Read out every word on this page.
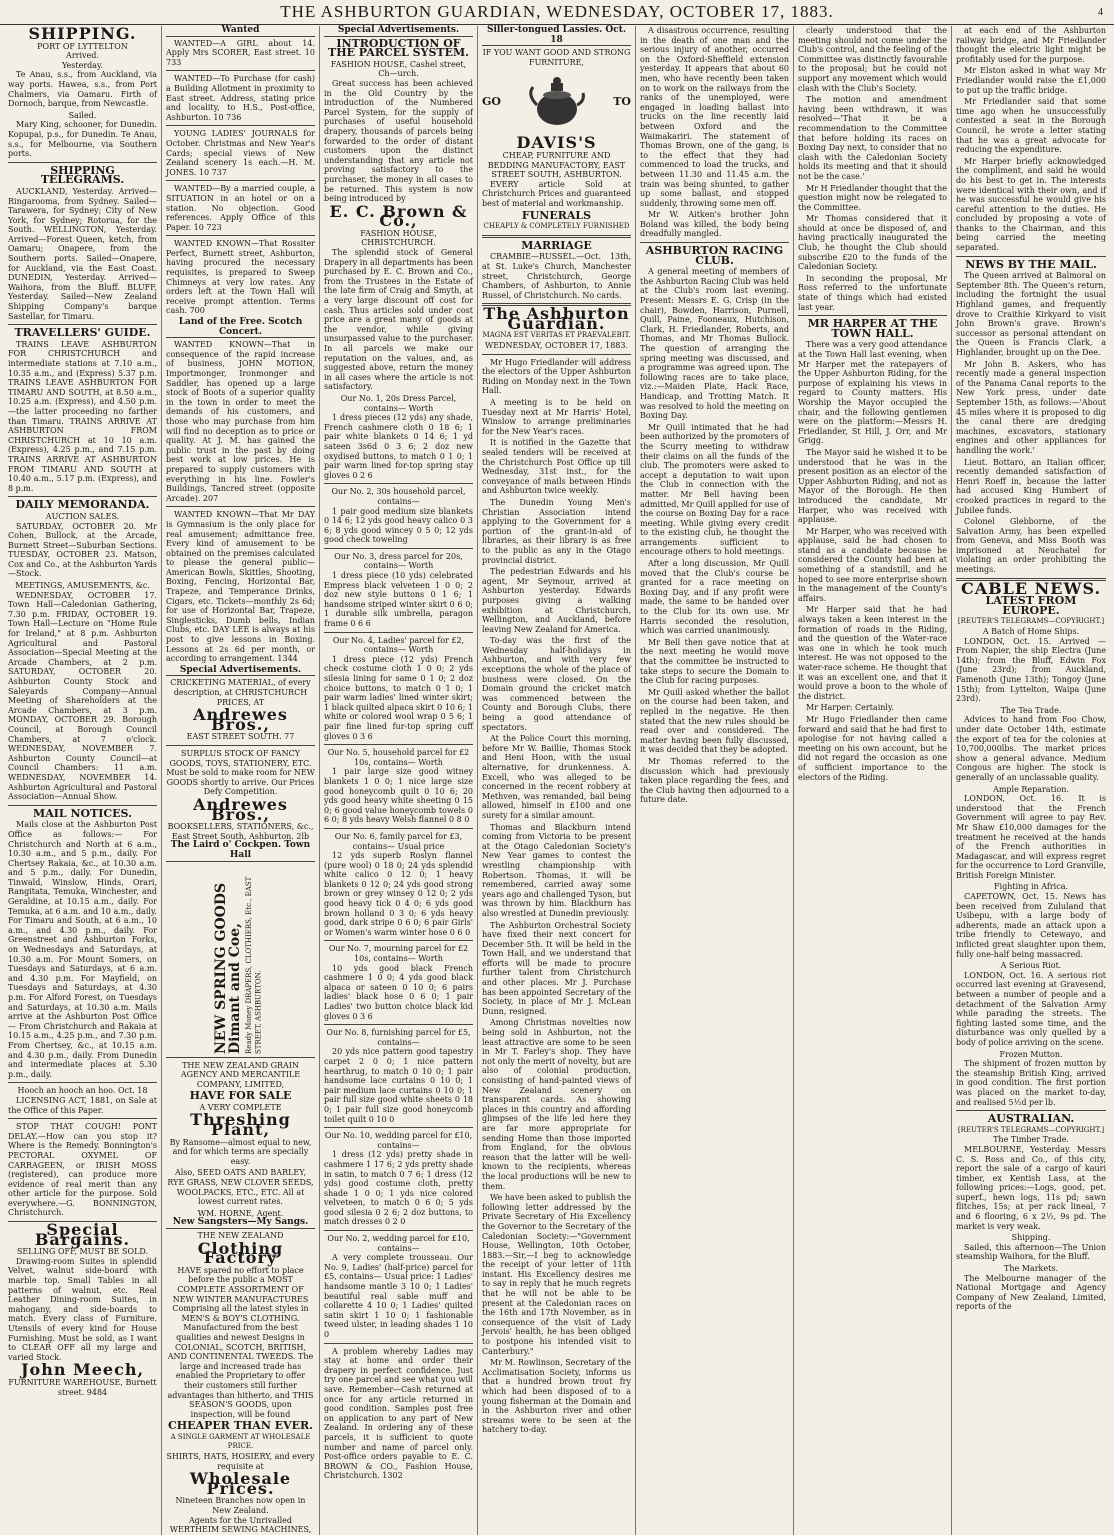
THE ASHBURTON GUARDIAN, WEDNESDAY, OCTOBER 17, 1883.	4
SHIPPING.
PORT OF LYTTELTON
Arrived.
Yesterday.

Te Anau, s.s., from Auckland, via way ports. Hawea, s.s., from Port Chalmers, via Oamaru. Firth of Dornoch, barque, from Newcastle.

Sailed.

Mary King, schooner, for Dunedin. Kopupai, p.s., for Dunedin. Te Anau, s.s., for Melbourne, via Southern ports.

SHIPPING TELEGRAMS.

AUCKLAND, Yesterday. Arrived—Ringarooma, from Sydney. Sailed—Tarawera, for Sydney; City of New York, for Sydney; Rotorua, for the South. WELLINGTON, Yesterday. Arrived—Forest Queen, ketch, from Oamaru; Onapere, from the Southern ports. Sailed—Onapere, for Auckland, via the East Coast. DUNEDIN, Yesterday. Arrived—Waihora, from the Bluff. BLUFF, Yesterday. Sailed—New Zealand Shipping Company's barque Sastellar, for Timaru.

TRAVELLERS' GUIDE.

TRAINS LEAVE ASHBURTON FOR CHRISTCHURCH and intermediate stations at 7.10 a.m., 10.35 a.m., and (Express) 5.37 p.m. TRAINS LEAVE ASHBURTON FOR TIMARU AND SOUTH, at 8.50 a.m., 10.25 a.m. (Express), and 4.50 p.m.—the latter proceeding no farther than Timaru. TRAINS ARRIVE AT ASHBURTON FROM CHRISTCHURCH at 10 10 a.m. (Express), 4.25 p.m., and 7.15 p.m. TRAINS ARRIVE AT ASHBURTON FROM TIMARU AND SOUTH at 10.40 a.m., 5.17 p.m. (Express), and 8 p.m.

DAILY MEMORANDA.
AUCTION SALES.

SATURDAY, OCTOBER 20. Mr Cohen, Bullock, at the Arcade, Burnett Street—Suburban Sections. TUESDAY, OCTOBER 23. Matson, Cox and Co., at the Ashburton Yards—Stock.

MEETINGS, AMUSEMENTS, &c.

WEDNESDAY, OCTOBER 17. Town Hall—Caledonian Gathering, 7.30 p.m. FRIDAY, OCTOBER 19. Town Hall—Lecture on "Home Rule for Ireland," at 8 p.m. Ashburton Agricultural and Pastoral Association—Special Meeting at the Arcade Chambers, at 2 p.m. SATURDAY, OCTOBER 20. Ashburton County Stock and Saleyards Company—Annual Meeting of Shareholders at the Arcade Chambers, at 3 p.m. MONDAY, OCTOBER 29. Borough Council, at Borough Council Chambers, at 7 o'clock. WEDNESDAY, NOVEMBER 7. Ashburton County Council—at Council Chambers: 11 a.m. WEDNESDAY, NOVEMBER 14. Ashburton Agricultural and Pastoral Association—Annual Show.

MAIL NOTICES.

Mails close at the Ashburton Post Office as follows:— For Christchurch and North at 6 a.m., 10.30 a.m., and 5 p.m., daily. For Chertsey Rakaia, &c., at 10.30 a.m. and 5 p.m., daily. For Dunedin, Tinwald, Winslow, Hinds, Orari, Rangitata, Temuka, Winchester, and Geraldine, at 10.15 a.m., daily. For Temuka, at 6 a.m. and 10 a.m., daily. For Timaru and South, at 6 a.m., 10 a.m., and 4.30 p.m., daily. For Greenstreet and Ashburton Forks, on Wednesdays and Saturdays, at 10.30 a.m. For Mount Somers, on Tuesdays and Saturdays, at 6 a.m. and 4.30 p.m. For Mayfield, on Tuesdays and Saturdays, at 4.30 p.m. For Alford Forest, on Tuesdays and Saturdays, at 10.30 a.m. Mails arrive at the Ashburton Post Office— From Christchurch and Rakaia at 10.15 a.m., 4.25 p.m., and 7.30 p.m. From Chertsey, &c., at 10.15 a.m. and 4.30 p.m., daily. From Dunedin and intermediate places at 5.30 p.m., daily.

Hooch an hooch an hoo. Oct. 18

LICENSING ACT, 1881, on Sale at the Office of this Paper.

STOP THAT COUGH! PONT DELAY.—How can you stop it? Where is the Remedy. Bonnington's PECTORAL OXYMEL OF CARRAGEEN, or IRISH MOSS (registered), can produce more evidence of real merit than any other article for the purpose. Sold everywhere.—G. BONNINGTON, Christchurch.

Special Bargains.
SELLING OFF, MUST BE SOLD.

Drawing-room Suites in splendid Velvet, walnut side-board with marble top. Small Tables in all patterns of walnut, etc. Real Leather Dining-room Suites, in mahogany, and side-boards to match. Every class of Furniture. Utensils of every kind for House Furnishing. Must be sold, as I want to CLEAR OFF all my large and varied Stock.

John Meech,
FURNITURE WAREHOUSE, Burnett street. 9484
Wanted

WANTED—A GIRL about 14. Apply Mrs SCORER, East street. 10 733

WANTED—To Purchase (for cash) a Building Allotment in proximity to East street. Address, stating price and locality, to H.S., Post-office, Ashburton. 10 736

YOUNG LADIES' JOURNALS for October. Christmas and New Year's Cards; special views of New Zealand scenery 1s each.—H. M. JONES. 10 737

WANTED—By a married couple, a SITUATION in an hotel or on a station. No objection. Good references. Apply Office of this Paper. 10 723

WANTED KNOWN—That Rossiter Perfect, Burnett street, Ashburton, having procured the necessary requisites, is prepared to Sweep Chimneys at very low rates. Any orders left at the Town Hall will receive prompt attention. Terms cash. 700

Land of the Free. Scotch Concert.

WANTED KNOWN—That in consequence of the rapid increase of business, JOHN MOTION, Importmonger, Ironmonger and Saddler, has opened up a large stock of Boots of a superior quality in the town in order to meet the demands of his customers, and those who may purchase from him will find no deception as to price or quality. At J. M. has gained the public trust in the past by doing best work at low prices. He is prepared to supply customers with everything in his line. Fowler's Buildings, Tancred street (opposite Arcade). 207

WANTED KNOWN—That Mr DAY is Gymnasium is the only place for real amusement; admittance free. Every kind of amusement to be obtained on the premises calculated to please the general public—American Bowls, Skittles, Shooting, Boxing, Fencing, Horizontal Bar, Trapeze, and Temperance Drinks, Cigars, etc. Tickets—monthly 2s 6d; for use of Horizontal Bar, Trapeze, Singlesticks, Dumb bells, Indian Clubs, etc. DAY LEE is always at his post to give lessons in Boxing. Lessons at 2s 6d per month, or according to arrangement. 1344

Special Advertisements.

CRICKETING MATERIAL, of every description, at CHRISTCHURCH PRICES, AT

Andrewes Bros.,
EAST STREET SOUTH. 77

SURPLUS STOCK OF FANCY GOODS, TOYS, STATIONERY, ETC. Must be sold to make room for NEW GOODS shortly to arrive. Our Prices Defy Competition.

Andrewes Bros.,
BOOKSELLERS, STATIONERS, &c., East Street South, Ashburton. 2lb
The Laird o' Cockpen. Town Hall
NEW SPRING GOODS
Dimant and Coe, Ready Money DRAPERS, CLOTHIERS, Etc., EAST STREET, ASHBURTON.
THE NEW ZEALAND GRAIN AGENCY AND MERCANTILE COMPANY, LIMITED,
HAVE FOR SALE
A VERY COMPLETE
Threshing Plant,

By Ransome—almost equal to new, and for which terms are specially easy.

Also, SEED OATS AND BARLEY, RYE GRASS, NEW CLOVER SEEDS, WOOLPACKS, ETC., ETC. All at lowest current rates.

WM. HORNE, Agent.
New Sangsters—My Sangs.
THE NEW ZEALAND
Clothing Factory

HAVE spared no effort to place before the public a MOST COMPLETE ASSORTMENT OF NEW WINTER MANUFACTURES Comprising all the latest styles in MEN'S & BOY'S CLOTHING. Manufactured from the best qualities and newest Designs in COLONIAL, SCOTCH, BRITISH, AND CONTINENTAL TWEEDS. The large and increased trade has enabled the Proprietary to offer their customers still further advantages than hitherto, and THIS SEASON'S GOODS, upon inspection, will be found

CHEAPER THAN EVER.
A SINGLE GARMENT AT WHOLESALE PRICE.
SHIRTS, HATS, HOSIERY, and every requisite at
Wholesale Prices.
Nineteen Branches now open in New Zealand.
Agents for the Unrivalled WERTHEIM SEWING MACHINES,
Special Advertisements.
INTRODUCTION OF THE PARCEL SYSTEM.
FASHION HOUSE, Cashel street, Ch—urch.

Great success has been achieved in the Old Country by the introduction of the Numbered Parcel System, for the supply of purchases of useful household drapery, thousands of parcels being forwarded to the order of distant customers upon the distinct understanding that any article not proving satisfactory to the purchaser, the money in all cases to be returned. This system is now being introduced by

E. C. Brown & Co.,
FASHION HOUSE, CHRISTCHURCH.

The splendid stock of General Drapery in all departments has been purchased by E. C. Brown and Co., from the Trustees in the Estate of the late firm of Craig and Smyth, at a very large discount off cost for cash. Thus articles sold under cost price are a great many of goods at the vendor, while giving unsurpassed value to the purchaser. In all parcels we make our reputation on the values, and, as suggested above, return the money in all cases where the article is not satisfactory.

Our No. 1, 20s Dress Parcel, contains— Worth

1 dress pieces (12 yds) any shade, French cashmere cloth 0 18 6; 1 pair white blankets 0 14 6; 1 yd sateen 3s6d 0 3 6; 2 doz new oxydised buttons, to match 0 1 0; 1 pair warm lined for-top spring stay gloves 0 2 6

Our No. 2, 30s household parcel, contains—

1 pair good medium size blankets 0 14 6; 12 yds good heavy calico 0 3 6; 8 yds good wincey 0 5 0; 12 yds good check toweling

Our No. 3, dress parcel for 20s, contains— Worth

1 dress piece (10 yds) celebrated Empress black velveteen 1 0 0; 2 doz new style buttons 0 1 6; 1 handsome striped winter skirt 0 6 0; 1 durable silk umbrella, paragon frame 0 6 6

Our No. 4, Ladies' parcel for £2, contains— Worth

1 dress piece (12 yds) French check costume cloth 1 0 0; 2 yds silesia lining for same 0 1 0; 2 doz choice buttons, to match 0 1 0; 1 pair warm ladies' lined winter skirt; 1 black quilted alpaca skirt 0 10 6; 1 white or colored wool wrap 0 5 6; 1 pair fine lined fur-top spring cuff gloves 0 3 6

Our No. 5, household parcel for £2 10s, contains— Worth

1 pair large size good witney blankets 1 0 0; 1 nice large size good honeycomb quilt 0 10 6; 20 yds good heavy white sheeting 0 15 0; 6 good value honeycomb towels 0 6 0; 8 yds heavy Welsh flannel 0 8 0

Our No. 6, family parcel for £3, contains— Usual price

12 yds superb Roslyn flannel (pure wool) 0 18 0; 24 yds splendid white calico 0 12 0; 1 heavy blankets 0 12 0; 24 yds good strong brown or grey winsey 0 12 0; 2 yds good heavy tick 0 4 0; 6 yds good brown holland 0 3 0; 6 yds heavy good, dark stripe 0 6 0; 6 pair Girls' or Women's warm winter hose 0 6 0

Our No. 7, mourning parcel for £2 10s, contains— Worth

10 yds good black French cashmere 1 0 0; 4 yds good black alpaca or sateen 0 10 0; 6 pairs ladies' black hose 0 6 0; 1 pair Ladies' two button choice black kid gloves 0 3 6

Our No. 8, furnishing parcel for £5, contains—

20 yds nice pattern good tapestry carpet 2 0 0; 1 nice pattern hearthrug, to match 0 10 0; 1 pair handsome lace curtains 0 10 0; 1 pair medium lace curtains 0 10 0; 1 pair full size good white sheets 0 18 0; 1 pair full size good honeycomb toilet quilt 0 10 0

Our No. 10, wedding parcel for £10, contains—

1 dress (12 yds) pretty shade in cashmere 1 17 6; 2 yds pretty shade in satin, to match 0 7 6; 1 dress (12 yds) good costume cloth, pretty shade 1 0 0; 1 yds nice colored velveteen, to match 0 6 0; 5 yds good silesia 0 2 6; 2 doz buttons, to match dresses 0 2 0

Our No. 2, wedding parcel for £10, contains—

A very complete trousseau. Our No. 9, Ladies' (half-price) parcel for £5, contains— Usual price: 1 Ladies' handsome mantle 3 10 0; 1 Ladies' beautiful real sable muff and collarette 4 10 0; 1 Ladies' quilted satin skirt 1 10 0; 1 fashionable tweed ulster, in leading shades 1 10 0

A problem whereby Ladies may stay at home and order their drapery in perfect confidence. Just try one parcel and see what you will save. Remember—Cash returned at once for any article returned in good condition. Samples post free on application to any part of New Zealand. In ordering any of these parcels, it is sufficient to quote number and name of parcel only. Post-office orders payable to E. C. BROWN & CO., Fashion House, Christchurch. 1302

Siller-tongued Lassies. Oct. 18
IF YOU WANT GOOD AND STRONG FURNITURE,
GO	TO
DAVIS'S
CHEAP, FURNITURE AND BEDDING MANUFACTORY, EAST STREET SOUTH, ASHBURTON.

EVERY article Sold at Christchurch Prices and guaranteed best of material and workmanship.

FUNERALS
CHEAPLY & COMPLETELY FURNISHED
MARRIAGE

CRAMBIE—RUSSEL.—Oct. 13th, at St. Luke's Church, Manchester street, Christchurch, George Chambers, of Ashburton, to Annie Russel, of Christchurch. No cards.

The Ashburton Guardian.
MAGNA EST VERITAS ET PRAEVALEBIT.
WEDNESDAY, OCTOBER 17, 1883.

Mr Hugo Friedlander will address the electors of the Upper Ashburton Riding on Monday next in the Town Hall.

A meeting is to be held on Tuesday next at Mr Harris' Hotel, Winslow to arrange preliminaries for the New Year's races.

It is notified in the Gazette that sealed tenders will be received at the Christchurch Post Office up till Wednesday, 31st inst., for the conveyance of mails between Hinds and Ashburton twice weekly.

The Dunedin Young Men's Christian Association intend applying to the Government for a portion of the grant-in-aid of libraries, as their library is as free to the public as any in the Otago provincial district.

The pedestrian Edwards and his agent, Mr Seymour, arrived at Ashburton yesterday. Edwards purposes giving a walking exhibition at Christchurch, Wellington, and Auckland, before leaving New Zealand for America.

To-day was the first of the Wednesday half-holidays in Ashburton, and with very few exceptions the whole of the place of business were closed. On the Domain ground the cricket match was commenced between the County and Borough Clubs, there being a good attendance of spectators.

At the Police Court this morning, before Mr W. Baillie, Thomas Stock and Heni Hoon, with the usual alternative, for drunkenness. A. Excell, who was alleged to be concerned in the recent robbery at Methven, was remanded, bail being allowed, himself in £100 and one surety for a similar amount.

Thomas and Blackburn intend coming from Victoria to be present at the Otago Caledonian Society's New Year games to contest the wrestling championship with Robertson. Thomas, it will be remembered, carried away some years ago and challenged Tyson, but was thrown by him. Blackburn has also wrestled at Dunedin previously.

The Ashburton Orchestral Society have fixed their next concert for December 5th. It will be held in the Town Hall, and we understand that efforts will be made to procure further talent from Christchurch and other places. Mr J. Purchase has been appointed Secretary of the Society, in place of Mr J. McLean Dunn, resigned.

Among Christmas novelties now being sold in Ashburton, not the least attractive are some to be seen in Mr T. Farley's shop. They have not only the merit of novelty, but are also of colonial production, consisting of hand-painted views of New Zealand scenery on transparent cards. As showing places in this country and affording glimpses of the life led here they are far more appropriate for sending Home than those imported from England, for the obvious reason that the latter will be well-known to the recipients, whereas the local productions will be new to them.

We have been asked to publish the following letter addressed by the Private Secretary of His Excellency the Governor to the Secretary of the Caledonian Society:—"Government House, Wellington, 10th October, 1883.—Sir,—I beg to acknowledge the receipt of your letter of 11th instant. His Excellency desires me to say in reply that he much regrets that he will not be able to be present at the Caledonian races on the 16th and 17th November, as in consequence of the visit of Lady Jervois' health, he has been obliged to postpone his intended visit to Canterbury."

Mr M. Rowlinson, Secretary of the Acclimatisation Society, informs us that a hundred brown trout fry which had been disposed of to a young fisherman at the Domain and in the Ashburton river and other streams were to be seen at the hatchery to-day.

A disastrous occurrence, resulting in the death of one man and the serious injury of another, occurred on the Oxford-Sheffield extension yesterday. It appears that about 60 men, who have recently been taken on to work on the railways from the ranks of the unemployed, were engaged in loading ballast into trucks on the line recently laid between Oxford and the Waimakariri. The statement of Thomas Brown, one of the gang, is to the effect that they had commenced to load the trucks, and between 11.30 and 11.45 a.m. the train was being shunted, to gather up some ballast, and stopped suddenly, throwing some men off.

Mr W. Aitken's brother John Boland was killed, the body being dreadfully mangled.

ASHBURTON RACING CLUB.

A general meeting of members of the Ashburton Racing Club was held at the Club's room last evening. Present: Messrs E. G. Crisp (in the chair), Bowden, Harrison, Purnell, Quill, Paine, Fooneaux, Hutchison, Clark, H. Friedlander, Roberts, and Thomas, and Mr Thomas Bullock. The question of arranging the spring meeting was discussed, and a programme was agreed upon. The following races are to take place, viz.:—Maiden Plate, Hack Race, Handicap, and Trotting Match. It was resolved to hold the meeting on Boxing Day.

Mr Quill intimated that he had been authorized by the promoters of the Scurry meeting to withdraw their claims on all the funds of the club. The promoters were asked to accept a deputation to wait upon the Club in connection with the matter. Mr Bell having been admitted, Mr Quill applied for use of the course on Boxing Day for a race meeting. While giving every credit to the existing club, he thought the arrangements sufficient to encourage others to hold meetings.

After a long discussion, Mr Quill moved that the Club's course be granted for a race meeting on Boxing Day, and if any profit were made, the same to be handed over to the Club for its own use. Mr Harris seconded the resolution, which was carried unanimously.

Mr Bell then gave notice that at the next meeting he would move that the committee be instructed to take steps to secure the Domain to the Club for racing purposes.

Mr Quill asked whether the ballot on the course had been taken, and replied in the negative. He then stated that the new rules should be read over and considered. The matter having been fully discussed, it was decided that they be adopted.

Mr Thomas referred to the discussion which had previously taken place regarding the fees, and the Club having then adjourned to a future date.

clearly understood that the meeting should not come under the Club's control, and the feeling of the Committee was distinctly favourable to the proposal; but he could not support any movement which would clash with the Club's Society.

The motion and amendment having been withdrawn, it was resolved—'That it be a recommendation to the Committee that before holding its races on Boxing Day next, to consider that no clash with the Caledonian Society holds its meeting and that it should not be the case.'

Mr H Friedlander thought that the question might now be relegated to the Committee.

Mr Thomas considered that it should at once be disposed of, and having practically inaugurated the Club, he thought the Club should subscribe £20 to the funds of the Caledonian Society.

In seconding the proposal, Mr Ross referred to the unfortunate state of things which had existed last year.

MR HARPER AT THE TOWN HALL.

There was a very good attendance at the Town Hall last evening, when Mr Harper met the ratepayers of the Upper Ashburton Riding, for the purpose of explaining his views in regard to County matters. His Worship the Mayor occupied the chair, and the following gentlemen were on the platform:—Messrs H. Friedlander, St Hill, J. Orr, and Mr Grigg.

The Mayor said he wished it to be understood that he was in the present position as an elector of the Upper Ashburton Riding, and not as Mayor of the Borough. He then introduced the candidate, Mr Harper, who was received with applause.

Mr Harper, who was received with applause, said he had chosen to stand as a candidate because he considered the County had been at something of a standstill, and he hoped to see more enterprise shown in the management of the County's affairs.

Mr Harper said that he had always taken a keen interest in the formation of roads in the Riding, and the question of the Water-race was one in which he took much interest. He was not opposed to the water-race scheme. He thought that it was an excellent one, and that it would prove a boon to the whole of the district.

Mr Harper: Certainly.

Mr Hugo Friedlander then came forward and said that he had first to apologise for not having called a meeting on his own account, but he did not regard the occasion as one of sufficient importance to the electors of the Riding.

at each end of the Ashburton railway bridge, and Mr Friedlander thought the electric light might be profitably used for the purpose.

Mr Elston asked in what way Mr Friedlander would raise the £1,000 to put up the traffic bridge.

Mr Friedlander said that some time ago when he unsuccessfully contested a seat in the Borough Council, he wrote a letter stating that he was a great advocate for reducing the expenditure.

Mr Harper briefly acknowledged the compliment, and said he would do his best to get in. The interests were identical with their own, and if he was successful he would give his careful attention to the duties. He concluded by proposing a vote of thanks to the Chairman, and this being carried the meeting separated.

NEWS BY THE MAIL.

The Queen arrived at Balmoral on September 8th. The Queen's return, including the fortnight the usual Highland games, and frequently drove to Craithie Kirkyard to visit John Brown's grave. Brown's successor as personal attendant on the Queen is Francis Clark, a Highlander, brought up on the Dee.

Mr John B. Askers, who has recently made a general inspection of the Panama Canal reports to the New York press, under date September 15th, as follows:—'About 45 miles where it is proposed to dig the canal there are dredging machines, excavators, stationary engines and other appliances for handling the work.'

Lieut. Bottaro, an Italian officer, recently demanded satisfaction of Henri Roeff in, because the latter had accused King Humbert of crooked practices in regard to the Jubilee funds.

Colonel Glebborne, of the Salvation Army, has been expelled from Geneva, and Miss Booth was imprisoned at Neuchatel for violating an order prohibiting the meetings.

CABLE NEWS.
LATEST FROM EUROPE.
[REUTER'S TELEGRAMS—COPYRIGHT.]
A Batch of Home Ships.

LONDON, Oct. 15. Arrived — From Napier, the ship Electra (June 14th); from the Bluff, Edwin Fox (June 23rd); from Auckland, Famenoth (June 13th); Tongoy (June 15th); from Lyttelton, Waipa (June 23rd).

The Tea Trade.

Advices to hand from Foo Chow, under date October 14th, estimate the export of tea for the colonies at 10,700,000lbs. The market prices show a general advance. Medium Congous are higher. The stock is generally of an unclassable quality.

Ample Reparation.

LONDON, Oct. 16. It is understood that the French Government will agree to pay Rev. Mr Shaw £10,000 damages for the treatment he received at the hands of the French authorities in Madagascar, and will express regret for the occurrence to Lord Granville, British Foreign Minister.

Fighting in Africa.

CAPETOWN, Oct. 15. News has been received from Zululand that Usibepu, with a large body of adherents, made an attack upon a tribe friendly to Cetewayo, and inflicted great slaughter upon them, fully one-half being massacred.

A Serious Riot.

LONDON, Oct. 16. A serious riot occurred last evening at Gravesend, between a number of people and a detachment of the Salvation Army while parading the streets. The fighting lasted some time, and the disturbance was only quelled by a body of police arriving on the scene.

Frozen Mutton.

The shipment of frozen mutton by the steamship British King, arrived in good condition. The first portion was placed on the market to-day, and realised 5½d per lb.

AUSTRALIAN.
[REUTER'S TELEGRAMS—COPYRIGHT.]
The Timber Trade.

MELBOURNE, Yesterday. Messrs C. S. Ross and Co., of this city, report the sale of a cargo of kauri timber, ex Kentish Lass, at the following prices:—Logs, good, pet. superf., hewn logs, 11s pd; sawn flitches, 15s; at per rack lineal, 7 and 6 flooring, 6 x 2½, 9s pd. The market is very weak.

Shipping.

Sailed, this afternoon—The Union steamship Waihora, for the Bluff.

The Markets.

The Melbourne manager of the National Mortgage and Agency Company of New Zealand, Limited, reports of the
